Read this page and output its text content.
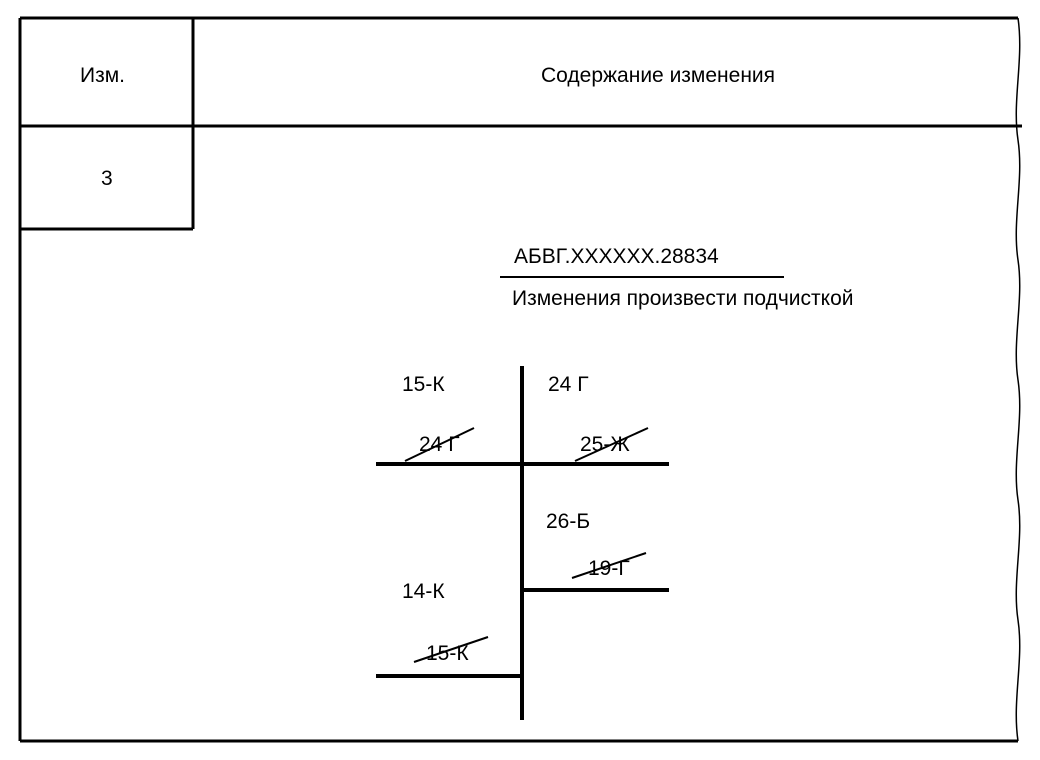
Изм.	Содержание изменения
3
АБВГ.XXXXXX.28834
Изменения произвести подчисткой
15-К
24 Г
24 Г
25-Ж
26-Б
19-Г
14-К
15-К
